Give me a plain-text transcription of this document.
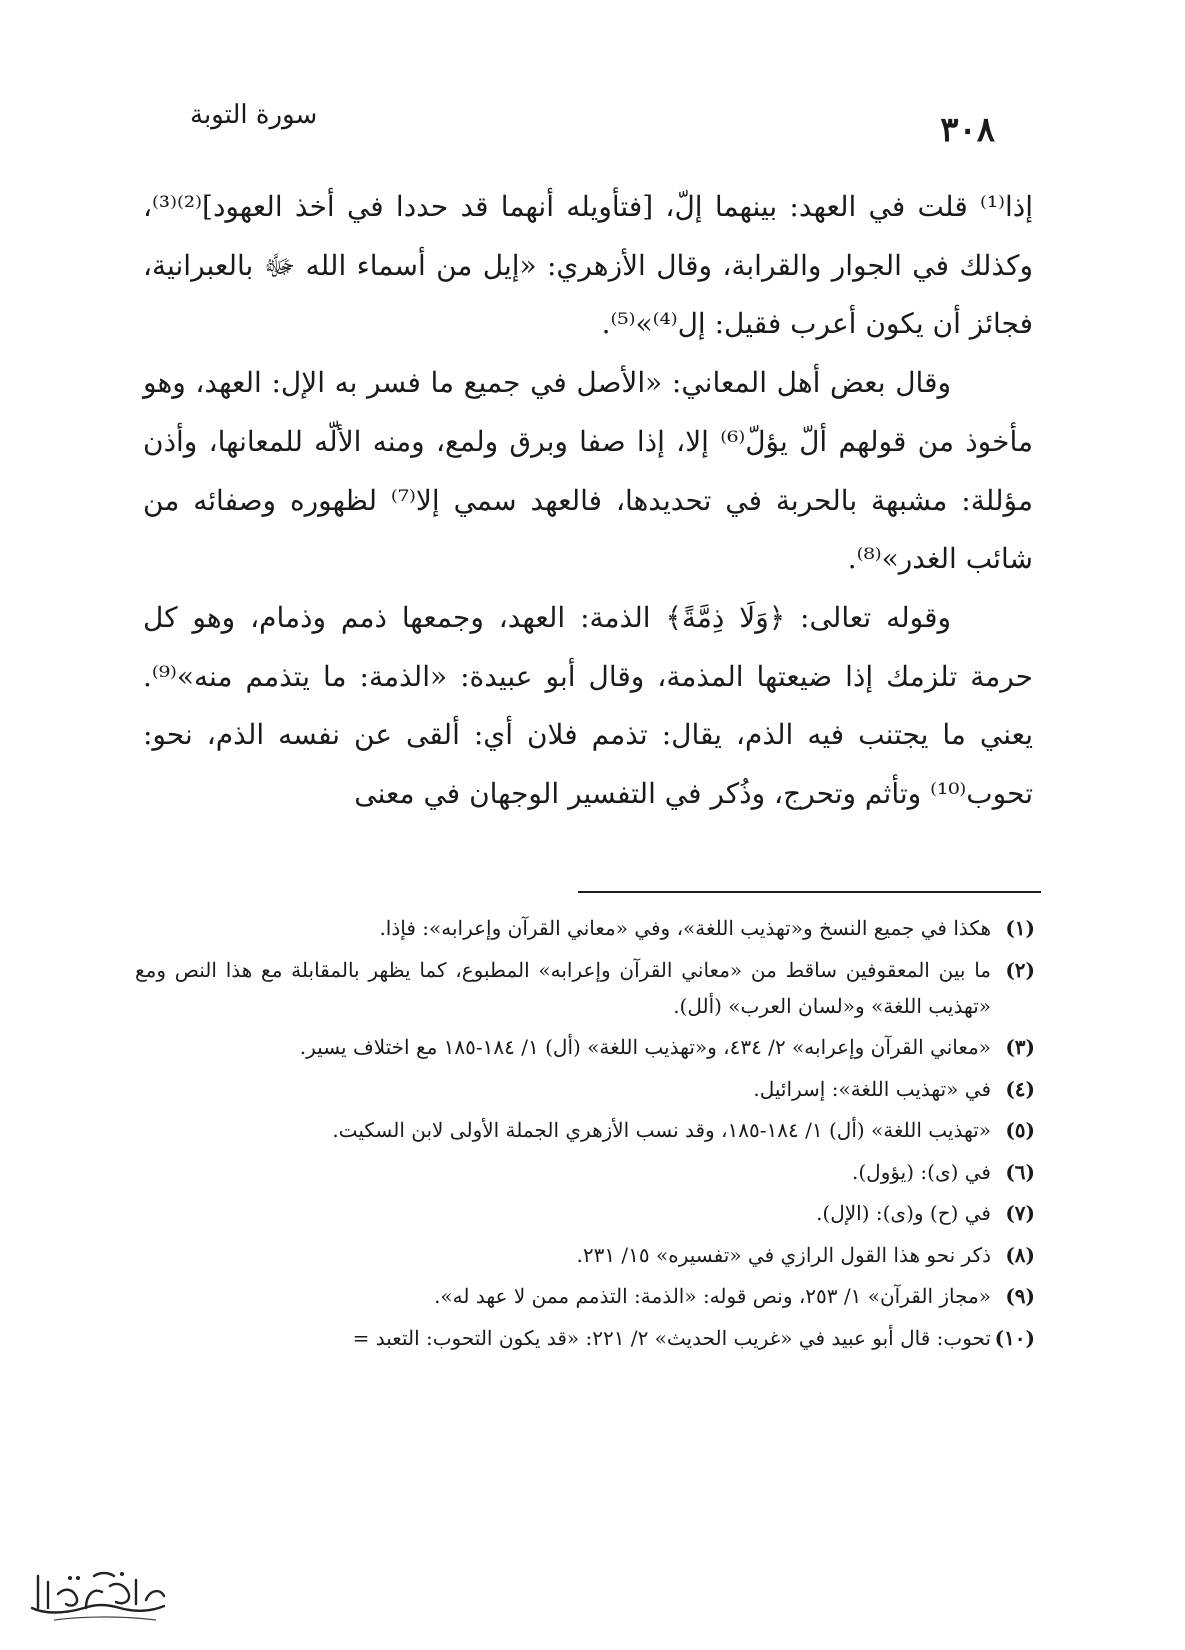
٣٠٨
سورة التوبة

إذا⁽¹⁾ قلت في العهد: بينهما إلّ، [فتأويله أنهما قد حددا في أخذ العهود]⁽²⁾⁽³⁾، وكذلك في الجوار والقرابة، وقال الأزهري: «إيل من أسماء الله ﷻ بالعبرانية، فجائز أن يكون أعرب فقيل: إل⁽⁴⁾»⁽⁵⁾.

وقال بعض أهل المعاني: «الأصل في جميع ما فسر به الإل: العهد، وهو مأخوذ من قولهم ألّ يؤلّ⁽⁶⁾ إلا، إذا صفا وبرق ولمع، ومنه الألّه للمعانها، وأذن مؤللة: مشبهة بالحربة في تحديدها، فالعهد سمي إلا⁽⁷⁾ لظهوره وصفائه من شائب الغدر»⁽⁸⁾.

وقوله تعالى: ﴿وَلَا ذِمَّةً﴾ الذمة: العهد، وجمعها ذمم وذمام، وهو كل حرمة تلزمك إذا ضيعتها المذمة، وقال أبو عبيدة: «الذمة: ما يتذمم منه»⁽⁹⁾. يعني ما يجتنب فيه الذم، يقال: تذمم فلان أي: ألقى عن نفسه الذم، نحو: تحوب⁽¹⁰⁾ وتأثم وتحرج، وذُكر في التفسير الوجهان في معنى

(١)
هكذا في جميع النسخ و«تهذيب اللغة»، وفي «معاني القرآن وإعرابه»: فإذا.
(٢)
ما بين المعقوفين ساقط من «معاني القرآن وإعرابه» المطبوع، كما يظهر بالمقابلة مع هذا النص ومع «تهذيب اللغة» و«لسان العرب» (ألل).
(٣)
«معاني القرآن وإعرابه» ٢/ ٤٣٤، و«تهذيب اللغة» (أل) ١/ ١٨٤-١٨٥ مع اختلاف يسير.
(٤)
في «تهذيب اللغة»: إسرائيل.
(٥)
«تهذيب اللغة» (أل) ١/ ١٨٤-١٨٥، وقد نسب الأزهري الجملة الأولى لابن السكيت.
(٦)
في (ى): (يؤول).
(٧)
في (ح) و(ى): (الإل).
(٨)
ذكر نحو هذا القول الرازي في «تفسيره» ١٥/ ٢٣١.
(٩)
«مجاز القرآن» ١/ ٢٥٣، ونص قوله: «الذمة: التذمم ممن لا عهد له».
(١٠)
تحوب: قال أبو عبيد في «غريب الحديث» ٢/ ٢٢١: «قد يكون التحوب: التعبد =
